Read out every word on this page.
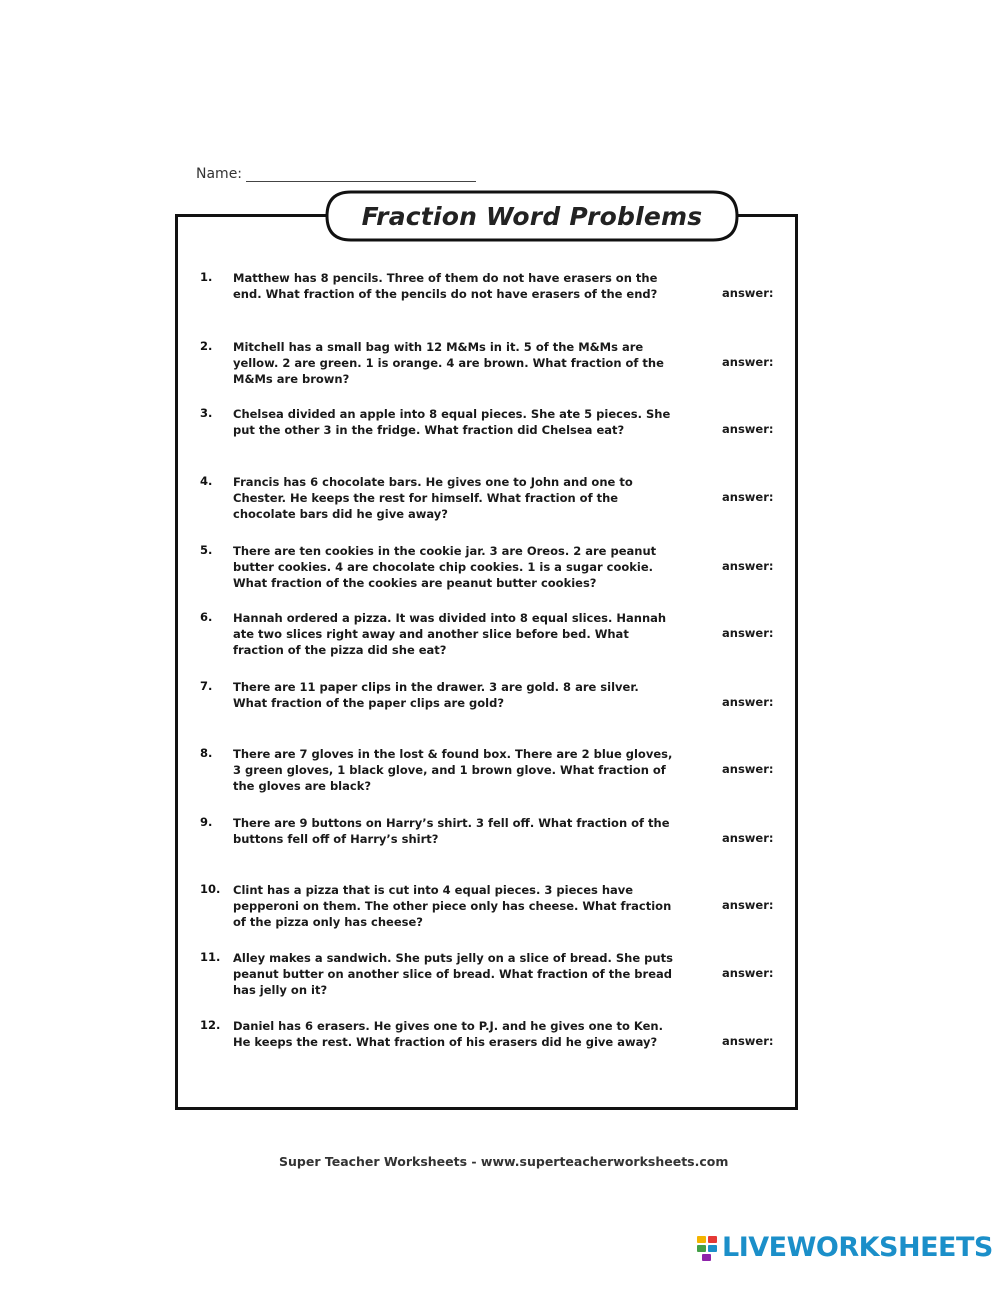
Name:
Fraction Word Problems
1.	Matthew has 8 pencils. Three of them do not have erasers on the
end. What fraction of the pencils do not have erasers of the end?	answer:
2.	Mitchell has a small bag with 12 M&Ms in it. 5 of the M&Ms are
yellow. 2 are green. 1 is orange. 4 are brown. What fraction of the
M&Ms are brown?
answer:
3.	Chelsea divided an apple into 8 equal pieces. She ate 5 pieces. She
put the other 3 in the fridge. What fraction did Chelsea eat?	answer:
4.	Francis has 6 chocolate bars. He gives one to John and one to
Chester. He keeps the rest for himself. What fraction of the
chocolate bars did he give away?
answer:
5.	There are ten cookies in the cookie jar. 3 are Oreos. 2 are peanut
butter cookies. 4 are chocolate chip cookies. 1 is a sugar cookie.
What fraction of the cookies are peanut butter cookies?
answer:
6.	Hannah ordered a pizza. It was divided into 8 equal slices. Hannah
ate two slices right away and another slice before bed. What
fraction of the pizza did she eat?
answer:
7.	There are 11 paper clips in the drawer. 3 are gold. 8 are silver.
What fraction of the paper clips are gold?	answer:
8.	There are 7 gloves in the lost & found box. There are 2 blue gloves,
3 green gloves, 1 black glove, and 1 brown glove. What fraction of
the gloves are black?
answer:
9.	There are 9 buttons on Harry’s shirt. 3 fell off. What fraction of the
buttons fell off of Harry’s shirt?	answer:
10.	Clint has a pizza that is cut into 4 equal pieces. 3 pieces have
pepperoni on them. The other piece only has cheese. What fraction
of the pizza only has cheese?
answer:
11.	Alley makes a sandwich. She puts jelly on a slice of bread. She puts
peanut butter on another slice of bread. What fraction of the bread
has jelly on it?
answer:
12.	Daniel has 6 erasers. He gives one to P.J. and he gives one to Ken.
He keeps the rest. What fraction of his erasers did he give away?	answer:
Super Teacher Worksheets - www.superteacherworksheets.com
LIVEWORKSHEETS
